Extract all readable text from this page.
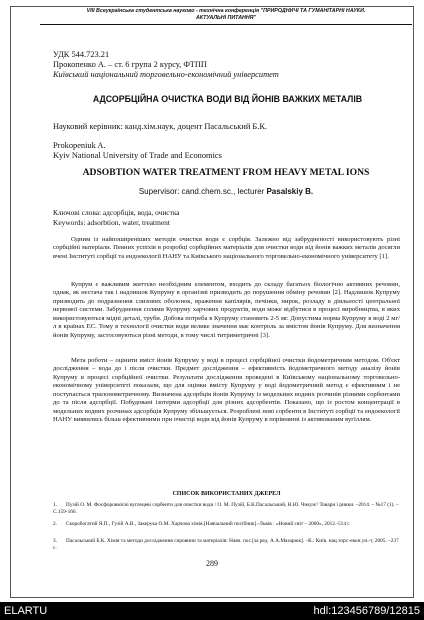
VIII Всеукраїнська студентська науково - технічна конференція "ПРИРОДНИЧІ ТА ГУМАНІТАРНІ НАУКИ.
АКТУАЛЬНІ ПИТАННЯ"
УДК 544.723.21
Прокопенко А. – ст. 6 група 2 курсу, ФТПП
Київський національний торговельно-економічний університет
АДСОРБЦІЙНА ОЧИСТКА ВОДИ ВІД ЙОНІВ ВАЖКИХ МЕТАЛІВ
Науковий керівник: канд.хім.наук, доцент Пасальський Б.К.
Prokopeniuk A.
Kyiv National University of Trade and Economics
ADSOBTION WATER TREATMENT FROM HEAVY METAL IONS
Supervisor: cand.chem.sc., lecturer Pasalskiy B.
Ключові слова: адсорбція, вода, очистка
Keywords: adsorbtion, water, treatment
Одним із найпоширеніших методів очистки води є сорбція. Залежно від забрудненості використовують різні сорбційні матеріали. Певних успіхів в розробці сорбційних матеріалів для очистки води від йонів важких металів досягли вчені Інституті сорбції та ендоекології НАНУ та Київського національного торговельно-економічного університету [1].
Купрум є важливим життєво необхідним елементом, входить до складу багатьох біологічно активних речовин, однак, як нестача так і надлишок Купруму в організмі призводить до порушення обміну речовин [2]. Надлишок Купруму призводить до подразнення слизових оболонок, враження капілярів, печінки, нирок, розладу в діяльності центральної нервової системи. Забруднення солями Купруму харчових продуктів, води може відбутися в процесі виробництва, в яких використовуються мідні деталі, труби. Добова потреба в Купруму становить 2-5 мг. Допустима норма Купруму в воді 2 мг/л в країнах ЕС. Тому в технології очистки води велике значення має контроль за вмістом йонів Купруму. Для визначення йонів Купруму, застосовуються різні методи, в тому числі титриметричні [3].
Мета роботи – оцінити вміст йонів Купруму у воді в процесі сорбційної очистки йодометричним методом. Об'єкт дослідження – вода до і після очистки. Предмет дослідження – ефективність йодометричного методу аналізу йонів Купруму в процесі сорбційної очистки. Результати дослідження проведені в Київському національному торговельно-економічному університеті показали, що для оцінки вмісту Купруму у воді йодометричний метод є ефективним і не поступається трилонометричному. Визначена адсорбція йонів Купруму із модельних водних розчинів різними сорбентами до та після адсорбції. Побудовані ізотерми адсорбції для різних адсорбентів. Показано, що із ростом концентрації в модельних водних розчинах адсорбція Купруму збільшується. Розроблені нові сорбенти в Інституті сорбції та ендоекології НАНУ виявились більш ефективними при очистці води від йонів Купруму в порівнянні із активованим вугіллям.
СПИСОК ВИКОРИСТАНИХ ДЖЕРЕЛ
1. Пузій О. М. Фосфоровмісні вуглецеві сорбенти для очистки води / О. М. Пузій, Б.К.Пасальський, Н.Ю. Чикун// Товари і ринки. –2014. – №17 (1). –С.159-166.
2. Скоробогатий Я.П., Гузій А.В., Закерука О.М. Харчова хімія.[Навчальний посібник].-Львів : «Новий світ – 2000», 2012.-514 с
3. Пасальський Б.К. Хімія та методи дослідження сировини та матеріалів: Навч. пос.[за ред. А.А.Мазарюк]. –К.: Київ. нац.торг.-екон.ун.-т, 2005. –237 с.
289
ELARTU	hdl:123456789/12815
